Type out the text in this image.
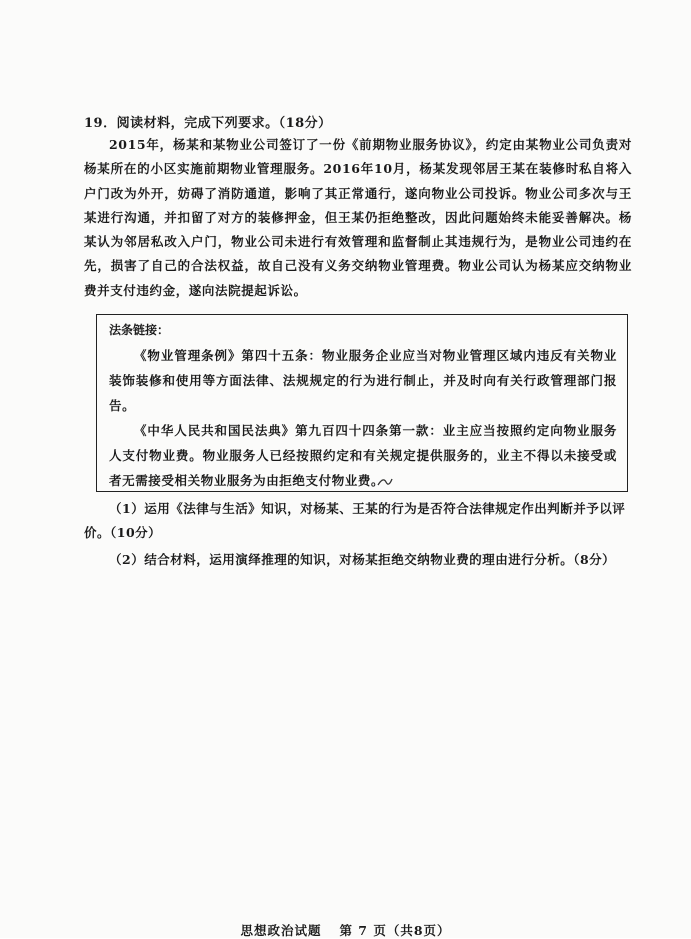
19．阅读材料，完成下列要求。（18分）

2015年，杨某和某物业公司签订了一份《前期物业服务协议》，约定由某物业公司负责对杨某所在的小区实施前期物业管理服务。2016年10月，杨某发现邻居王某在装修时私自将入户门改为外开，妨碍了消防通道，影响了其正常通行，遂向物业公司投诉。物业公司多次与王某进行沟通，并扣留了对方的装修押金，但王某仍拒绝整改，因此问题始终未能妥善解决。杨某认为邻居私改入户门，物业公司未进行有效管理和监督制止其违规行为，是物业公司违约在先，损害了自己的合法权益，故自己没有义务交纳物业管理费。物业公司认为杨某应交纳物业费并支付违约金，遂向法院提起诉讼。

法条链接：

《物业管理条例》第四十五条：物业服务企业应当对物业管理区域内违反有关物业装饰装修和使用等方面法律、法规规定的行为进行制止，并及时向有关行政管理部门报告。

《中华人民共和国民法典》第九百四十四条第一款：业主应当按照约定向物业服务人支付物业费。物业服务人已经按照约定和有关规定提供服务的，业主不得以未接受或者无需接受相关物业服务为由拒绝支付物业费。

（1）运用《法律与生活》知识，对杨某、王某的行为是否符合法律规定作出判断并予以评价。（10分）

（2）结合材料，运用演绎推理的知识，对杨某拒绝交纳物业费的理由进行分析。（8分）

思想政治试题 第 7 页（共8页）
